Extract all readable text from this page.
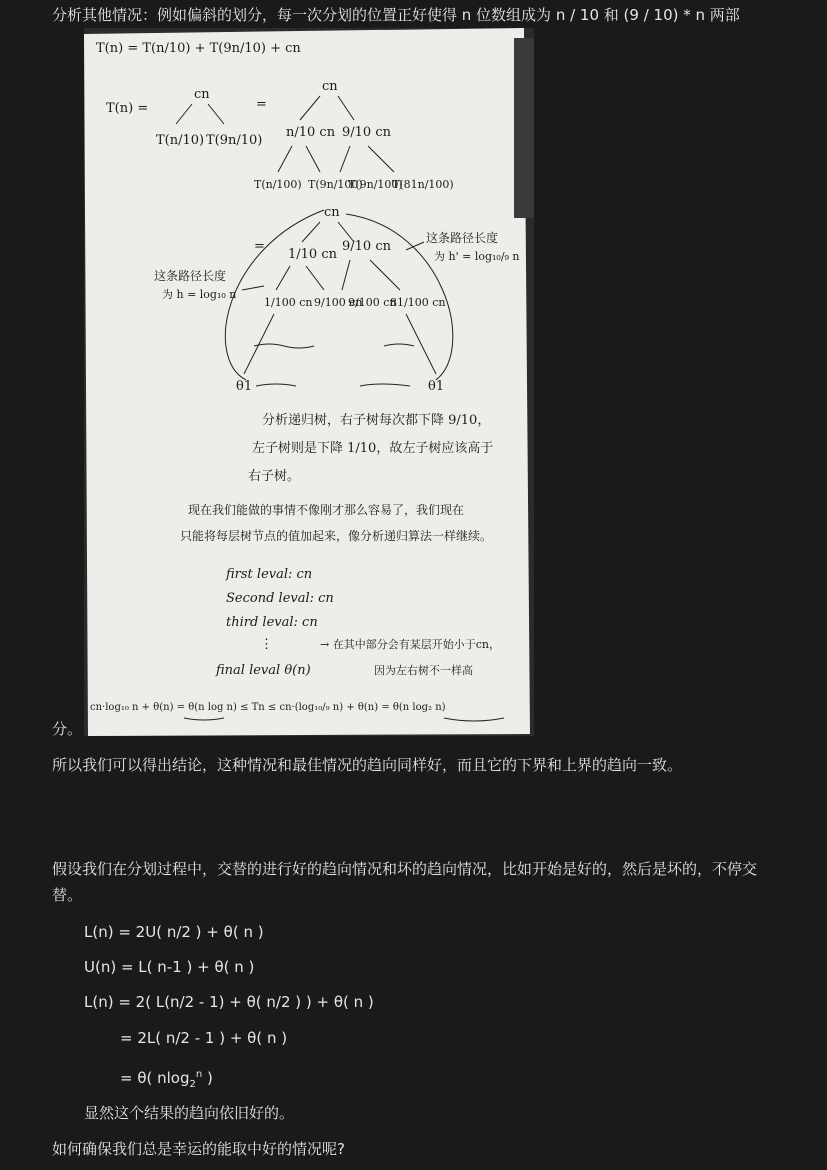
分析其他情况：例如偏斜的划分，每一次分划的位置正好使得 n 位数组成为 n / 10 和 (9 / 10) * n 两部
T(n) = T(n/10) + T(9n/10) + cn
T(n) =
cn
T(n/10) T(9n/10)
=
cn
n/10 cn 9/10 cn
T(n/100) T(9n/100)
T(9n/100)
T(81n/100)
=
cn
1/10 cn
9/10 cn
1/100 cn 9/100 cn
9/100 cn
81/100 cn
θ1	θ1
这条路径长度
为 h' = log₁₀/₉ n
这条路径长度
为 h = log₁₀ n
分析递归树，右子树每次都下降 9/10，
左子树则是下降 1/10，故左子树应该高于
右子树。
现在我们能做的事情不像刚才那么容易了，我们现在
只能将每层树节点的值加起来，像分析递归算法一样继续。
first leval: cn
Second leval: cn
third leval: cn
⋮	→ 在其中部分会有某层开始小于cn，
final leval θ(n)	因为左右树不一样高
cn·log₁₀ n + θ(n) = θ(n log n) ≤ Tn ≤ cn·(log₁₀/₉ n) + θ(n) = θ(n log₂ n)
分。
所以我们可以得出结论，这种情况和最佳情况的趋向同样好，而且它的下界和上界的趋向一致。
假设我们在分划过程中，交替的进行好的趋向情况和坏的趋向情况，比如开始是好的，然后是坏的，不停交替。
L(n) = 2U( n/2 ) + θ( n )
U(n) = L( n-1 ) + θ( n )
L(n) = 2( L(n/2 - 1) + θ( n/2 ) ) + θ( n )
= 2L( n/2 - 1 ) + θ( n )
= θ( nlog$_2^n$ )
显然这个结果的趋向依旧好的。
如何确保我们总是幸运的能取中好的情况呢?
